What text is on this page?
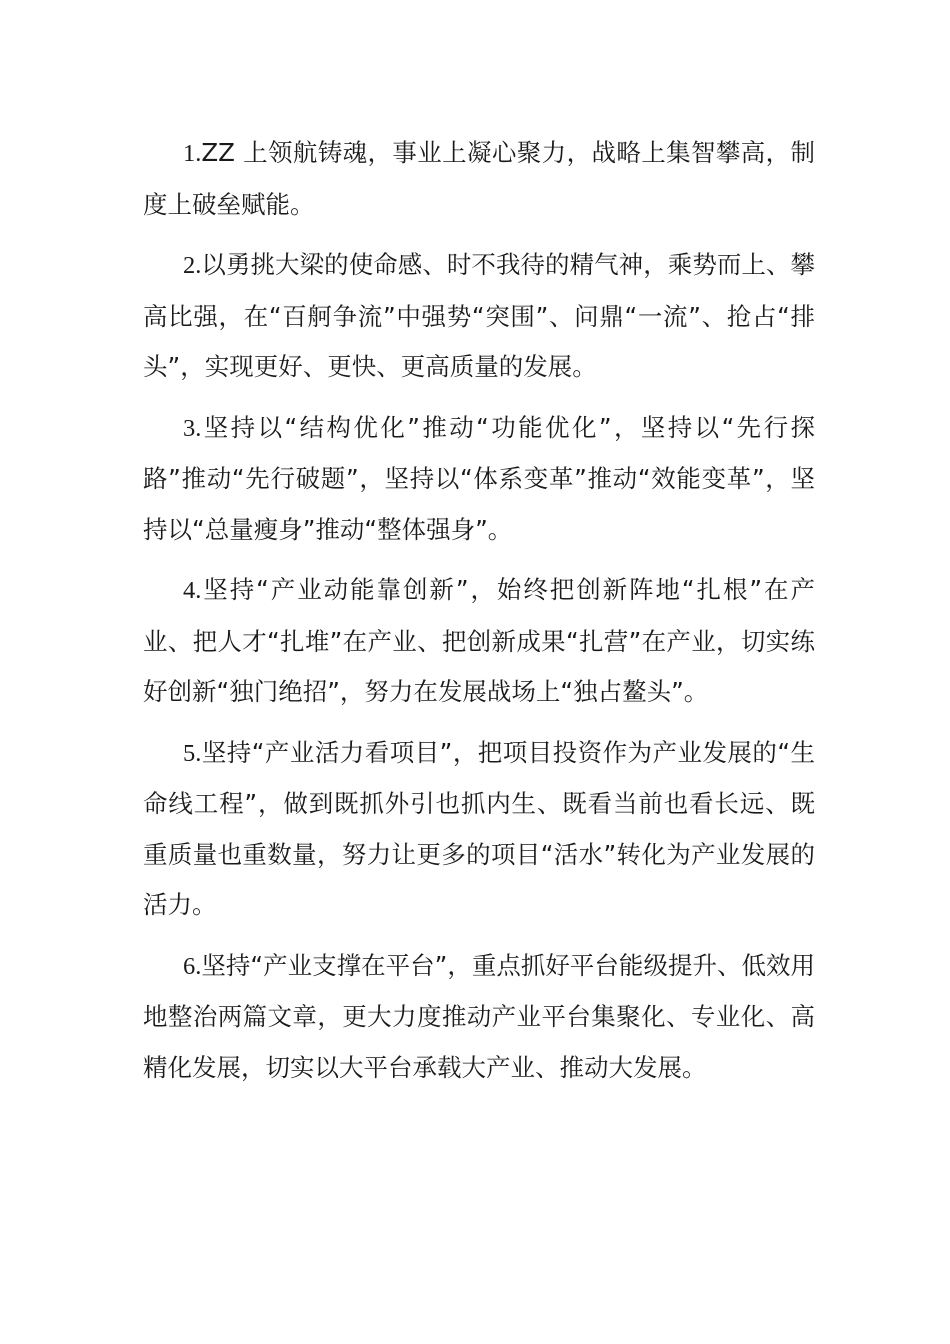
1.ZZ 上领航铸魂，事业上凝心聚力，战略上集智攀高，制度上破垒赋能。

2.以勇挑大梁的使命感、时不我待的精气神，乘势而上、攀高比强，在“百舸争流”中强势“突围”、问鼎“一流”、抢占“排头”，实现更好、更快、更高质量的发展。

3.坚持以“结构优化”推动“功能优化”，坚持以“先行探路”推动“先行破题”，坚持以“体系变革”推动“效能变革”，坚持以“总量瘦身”推动“整体强身”。

4.坚持“产业动能靠创新”，始终把创新阵地“扎根”在产业、把人才“扎堆”在产业、把创新成果“扎营”在产业，切实练好创新“独门绝招”，努力在发展战场上“独占鳌头”。

5.坚持“产业活力看项目”，把项目投资作为产业发展的“生命线工程”，做到既抓外引也抓内生、既看当前也看长远、既重质量也重数量，努力让更多的项目“活水”转化为产业发展的活力。

6.坚持“产业支撑在平台”，重点抓好平台能级提升、低效用地整治两篇文章，更大力度推动产业平台集聚化、专业化、高精化发展，切实以大平台承载大产业、推动大发展。
